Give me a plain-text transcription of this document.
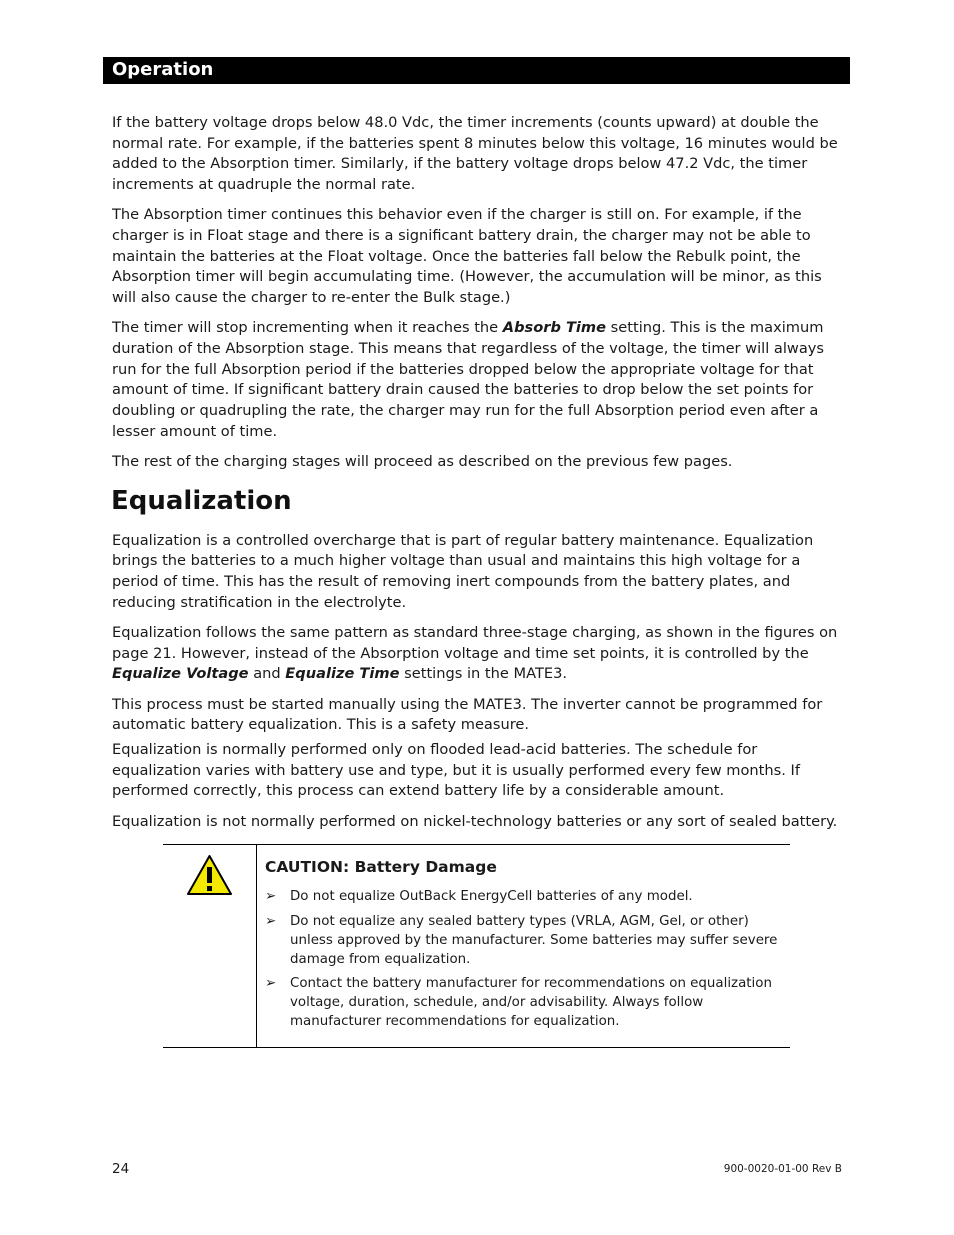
Operation

If the battery voltage drops below 48.0 Vdc, the timer increments (counts upward) at double the normal rate. For example, if the batteries spent 8 minutes below this voltage, 16 minutes would be added to the Absorption timer. Similarly, if the battery voltage drops below 47.2 Vdc, the timer increments at quadruple the normal rate.

The Absorption timer continues this behavior even if the charger is still on. For example, if the charger is in Float stage and there is a significant battery drain, the charger may not be able to maintain the batteries at the Float voltage. Once the batteries fall below the Rebulk point, the Absorption timer will begin accumulating time. (However, the accumulation will be minor, as this will also cause the charger to re-enter the Bulk stage.)

The timer will stop incrementing when it reaches the Absorb Time setting. This is the maximum duration of the Absorption stage. This means that regardless of the voltage, the timer will always run for the full Absorption period if the batteries dropped below the appropriate voltage for that amount of time. If significant battery drain caused the batteries to drop below the set points for doubling or quadrupling the rate, the charger may run for the full Absorption period even after a lesser amount of time.

The rest of the charging stages will proceed as described on the previous few pages.

Equalization

Equalization is a controlled overcharge that is part of regular battery maintenance. Equalization brings the batteries to a much higher voltage than usual and maintains this high voltage for a period of time. This has the result of removing inert compounds from the battery plates, and reducing stratification in the electrolyte.

Equalization follows the same pattern as standard three-stage charging, as shown in the figures on page 21. However, instead of the Absorption voltage and time set points, it is controlled by the Equalize Voltage and Equalize Time settings in the MATE3.

This process must be started manually using the MATE3. The inverter cannot be programmed for automatic battery equalization. This is a safety measure.

Equalization is normally performed only on flooded lead-acid batteries. The schedule for equalization varies with battery use and type, but it is usually performed every few months. If performed correctly, this process can extend battery life by a considerable amount.

Equalization is not normally performed on nickel-technology batteries or any sort of sealed battery.

CAUTION: Battery Damage
➢	Do not equalize OutBack EnergyCell batteries of any model.
➢	Do not equalize any sealed battery types (VRLA, AGM, Gel, or other) unless approved by the manufacturer. Some batteries may suffer severe damage from equalization.
➢	Contact the battery manufacturer for recommendations on equalization voltage, duration, schedule, and/or advisability. Always follow manufacturer recommendations for equalization.
24	900-0020-01-00 Rev B
